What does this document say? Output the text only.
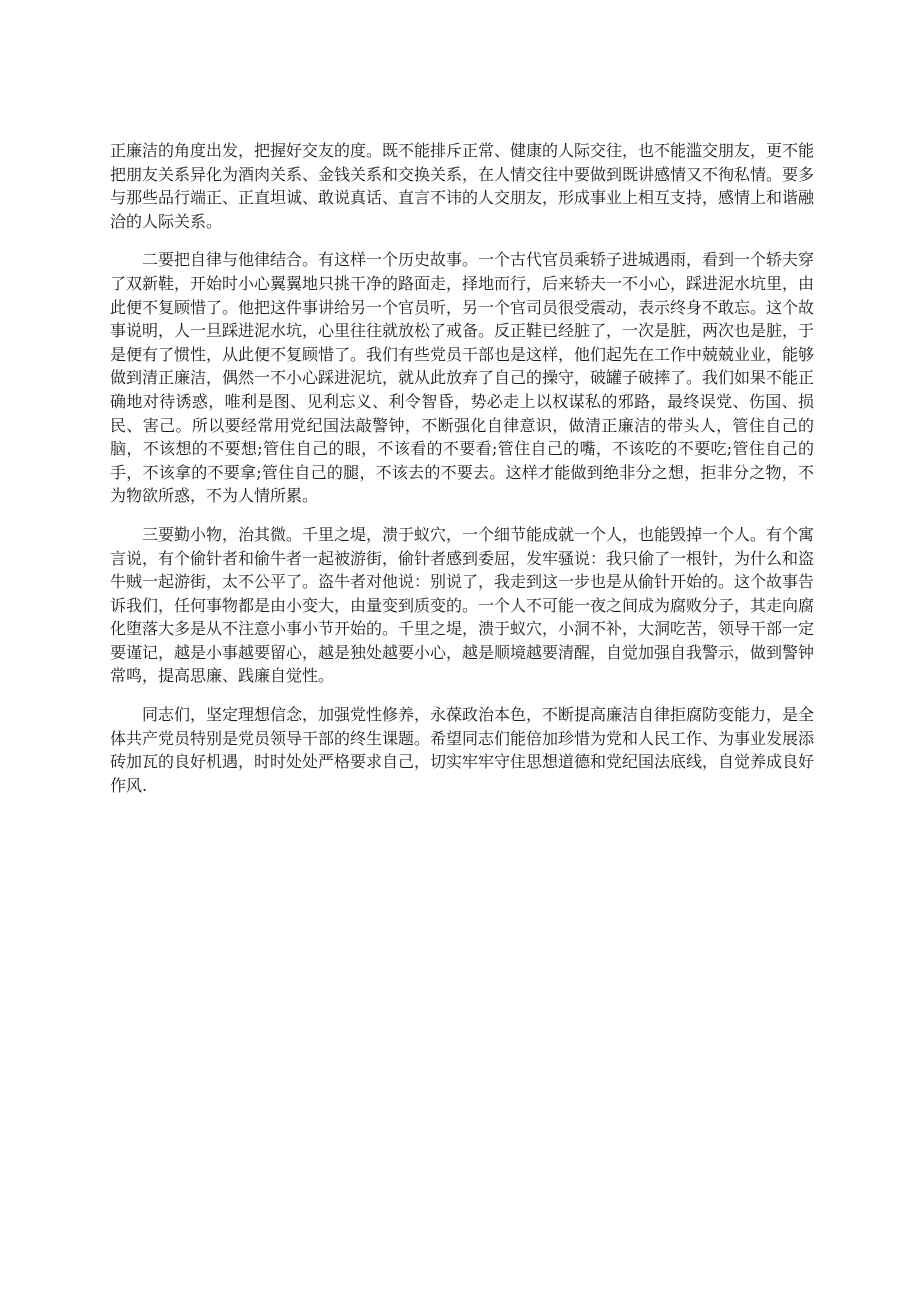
正廉洁的角度出发，把握好交友的度。既不能排斥正常、健康的人际交往，也不能滥交朋友，更不能把朋友关系异化为酒肉关系、金钱关系和交换关系，在人情交往中要做到既讲感情又不徇私情。要多与那些品行端正、正直坦诚、敢说真话、直言不讳的人交朋友，形成事业上相互支持，感情上和谐融洽的人际关系。

二要把自律与他律结合。有这样一个历史故事。一个古代官员乘轿子进城遇雨，看到一个轿夫穿了双新鞋，开始时小心翼翼地只挑干净的路面走，择地而行，后来轿夫一不小心，踩进泥水坑里，由此便不复顾惜了。他把这件事讲给另一个官员听，另一个官司员很受震动，表示终身不敢忘。这个故事说明，人一旦踩进泥水坑，心里往往就放松了戒备。反正鞋已经脏了，一次是脏，两次也是脏，于是便有了惯性，从此便不复顾惜了。我们有些党员干部也是这样，他们起先在工作中兢兢业业，能够做到清正廉洁，偶然一不小心踩进泥坑，就从此放弃了自己的操守，破罐子破摔了。我们如果不能正确地对待诱惑，唯利是图、见利忘义、利令智昏，势必走上以权谋私的邪路，最终误党、伤国、损民、害己。所以要经常用党纪国法敲警钟，不断强化自律意识，做清正廉洁的带头人，管住自己的脑，不该想的不要想;管住自己的眼，不该看的不要看;管住自己的嘴，不该吃的不要吃;管住自己的手，不该拿的不要拿;管住自己的腿，不该去的不要去。这样才能做到绝非分之想，拒非分之物，不为物欲所惑，不为人情所累。

三要勤小物，治其微。千里之堤，溃于蚁穴，一个细节能成就一个人，也能毁掉一个人。有个寓言说，有个偷针者和偷牛者一起被游街，偷针者感到委屈，发牢骚说：我只偷了一根针，为什么和盗牛贼一起游街，太不公平了。盗牛者对他说：别说了，我走到这一步也是从偷针开始的。这个故事告诉我们，任何事物都是由小变大，由量变到质变的。一个人不可能一夜之间成为腐败分子，其走向腐化堕落大多是从不注意小事小节开始的。千里之堤，溃于蚁穴，小洞不补，大洞吃苦，领导干部一定要谨记，越是小事越要留心，越是独处越要小心，越是顺境越要清醒，自觉加强自我警示，做到警钟常鸣，提高思廉、践廉自觉性。

同志们，坚定理想信念，加强党性修养，永葆政治本色，不断提高廉洁自律拒腐防变能力，是全体共产党员特别是党员领导干部的终生课题。希望同志们能倍加珍惜为党和人民工作、为事业发展添砖加瓦的良好机遇，时时处处严格要求自己，切实牢牢守住思想道德和党纪国法底线，自觉养成良好作风.
